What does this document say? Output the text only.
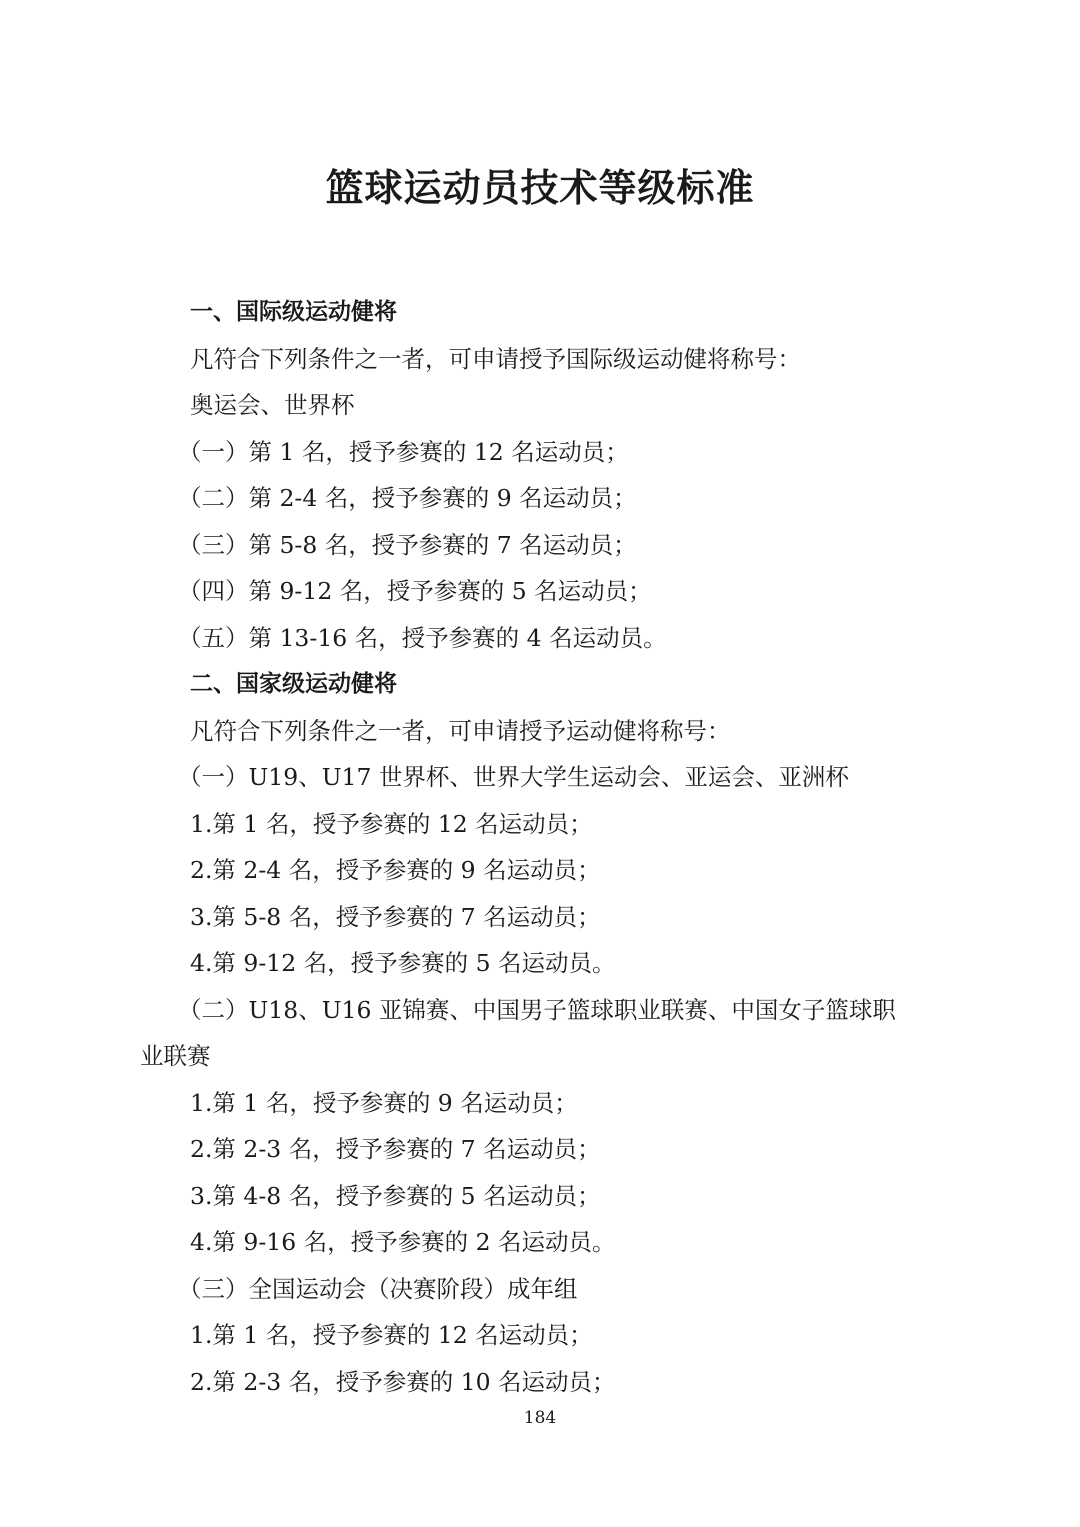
篮球运动员技术等级标准

一、国际级运动健将

凡符合下列条件之一者，可申请授予国际级运动健将称号：

奥运会、世界杯

（一）第 1 名，授予参赛的 12 名运动员；

（二）第 2-4 名，授予参赛的 9 名运动员；

（三）第 5-8 名，授予参赛的 7 名运动员；

（四）第 9-12 名，授予参赛的 5 名运动员；

（五）第 13-16 名，授予参赛的 4 名运动员。

二、国家级运动健将

凡符合下列条件之一者，可申请授予运动健将称号：

（一）U19、U17 世界杯、世界大学生运动会、亚运会、亚洲杯

1.第 1 名，授予参赛的 12 名运动员；

2.第 2-4 名，授予参赛的 9 名运动员；

3.第 5-8 名，授予参赛的 7 名运动员；

4.第 9-12 名，授予参赛的 5 名运动员。

（二）U18、U16 亚锦赛、中国男子篮球职业联赛、中国女子篮球职

业联赛

1.第 1 名，授予参赛的 9 名运动员；

2.第 2-3 名，授予参赛的 7 名运动员；

3.第 4-8 名，授予参赛的 5 名运动员；

4.第 9-16 名，授予参赛的 2 名运动员。

（三）全国运动会（决赛阶段）成年组

1.第 1 名，授予参赛的 12 名运动员；

2.第 2-3 名，授予参赛的 10 名运动员；

184
